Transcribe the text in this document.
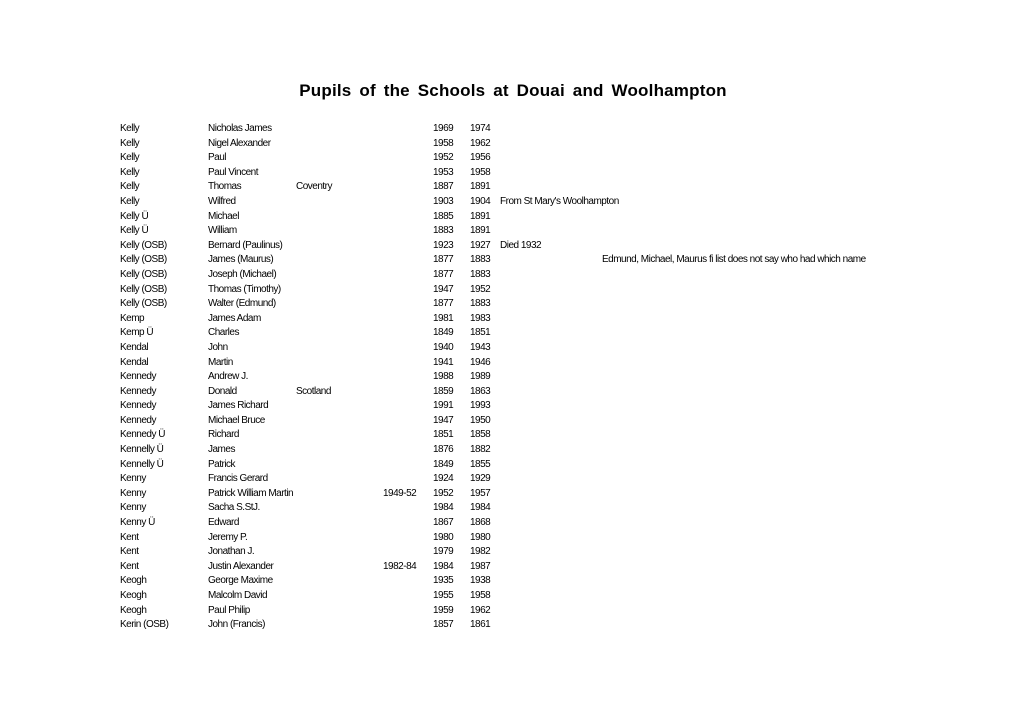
Pupils of the Schools at Douai and Woolhampton
Kelly	Nicholas James	1969 1974
Kelly	Nigel Alexander	1958 1962
Kelly	Paul	1952 1956
Kelly	Paul Vincent	1953 1958
Kelly	Thomas	Coventry	1887 1891
Kelly	Wilfred	1903 1904 From St Mary's Woolhampton
Kelly Ü	Michael	1885 1891
Kelly Ü	William	1883 1891
Kelly (OSB)	Bernard (Paulinus)	1923 1927 Died 1932
Kelly (OSB)	James (Maurus)	1877 1883	Edmund, Michael, Maurus fi list does not say who had which name
Kelly (OSB)	Joseph (Michael)	1877 1883
Kelly (OSB)	Thomas (Timothy)	1947 1952
Kelly (OSB)	Walter (Edmund)	1877 1883
Kemp	James Adam	1981 1983
Kemp Ü	Charles	1849 1851
Kendal	John	1940 1943
Kendal	Martin	1941 1946
Kennedy	Andrew J.	1988 1989
Kennedy	Donald	Scotland	1859 1863
Kennedy	James Richard	1991 1993
Kennedy	Michael Bruce	1947 1950
Kennedy Ü	Richard	1851 1858
Kennelly Ü	James	1876 1882
Kennelly Ü	Patrick	1849 1855
Kenny	Francis Gerard	1924 1929
Kenny	Patrick William Martin	1949-52 1952 1957
Kenny	Sacha S.StJ.	1984 1984
Kenny Ü	Edward	1867 1868
Kent	Jeremy P.	1980 1980
Kent	Jonathan J.	1979 1982
Kent	Justin Alexander	1982-84 1984 1987
Keogh	George Maxime	1935 1938
Keogh	Malcolm David	1955 1958
Keogh	Paul Philip	1959 1962
Kerin (OSB)	John (Francis)	1857 1861
